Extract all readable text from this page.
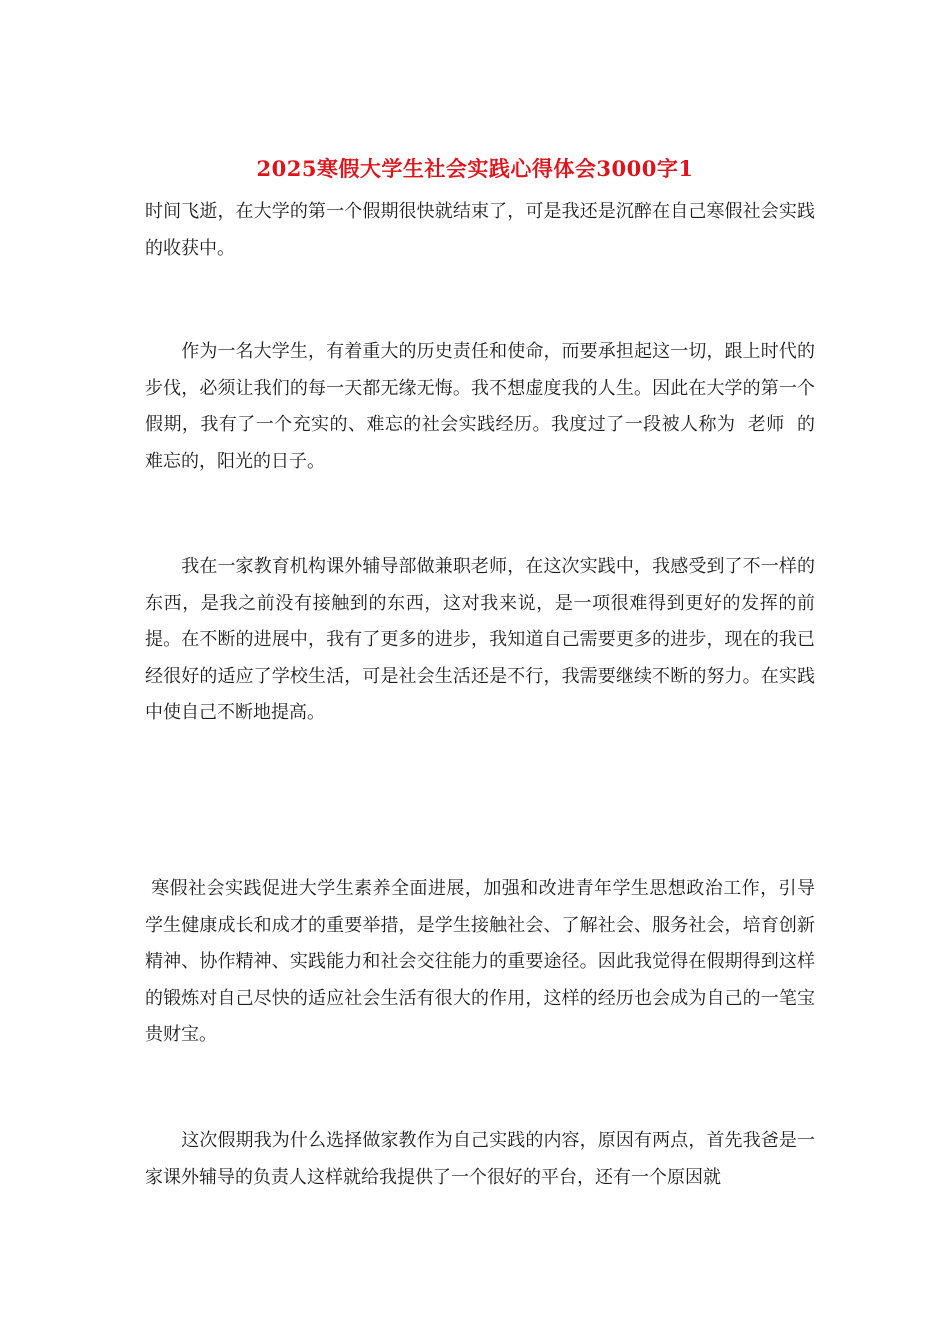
2025寒假大学生社会实践心得体会3000字1
时间飞逝，在大学的第一个假期很快就结束了，可是我还是沉醉在自己寒假社会实践的收获中。
　　作为一名大学生，有着重大的历史责任和使命，而要承担起这一切，跟上时代的步伐，必须让我们的每一天都无缘无悔。我不想虚度我的人生。因此在大学的第一个假期，我有了一个充实的、难忘的社会实践经历。我度过了一段被人称为  老师  的难忘的，阳光的日子。
　　我在一家教育机构课外辅导部做兼职老师，在这次实践中，我感受到了不一样的东西，是我之前没有接触到的东西，这对我来说，是一项很难得到更好的发挥的前提。在不断的进展中，我有了更多的进步，我知道自己需要更多的进步，现在的我已经很好的适应了学校生活，可是社会生活还是不行，我需要继续不断的努力。在实践中使自己不断地提高。
寒假社会实践促进大学生素养全面进展，加强和改进青年学生思想政治工作，引导学生健康成长和成才的重要举措，是学生接触社会、了解社会、服务社会，培育创新精神、协作精神、实践能力和社会交往能力的重要途径。因此我觉得在假期得到这样的锻炼对自己尽快的适应社会生活有很大的作用，这样的经历也会成为自己的一笔宝贵财宝。
　　这次假期我为什么选择做家教作为自己实践的内容，原因有两点，首先我爸是一家课外辅导的负责人这样就给我提供了一个很好的平台，还有一个原因就
